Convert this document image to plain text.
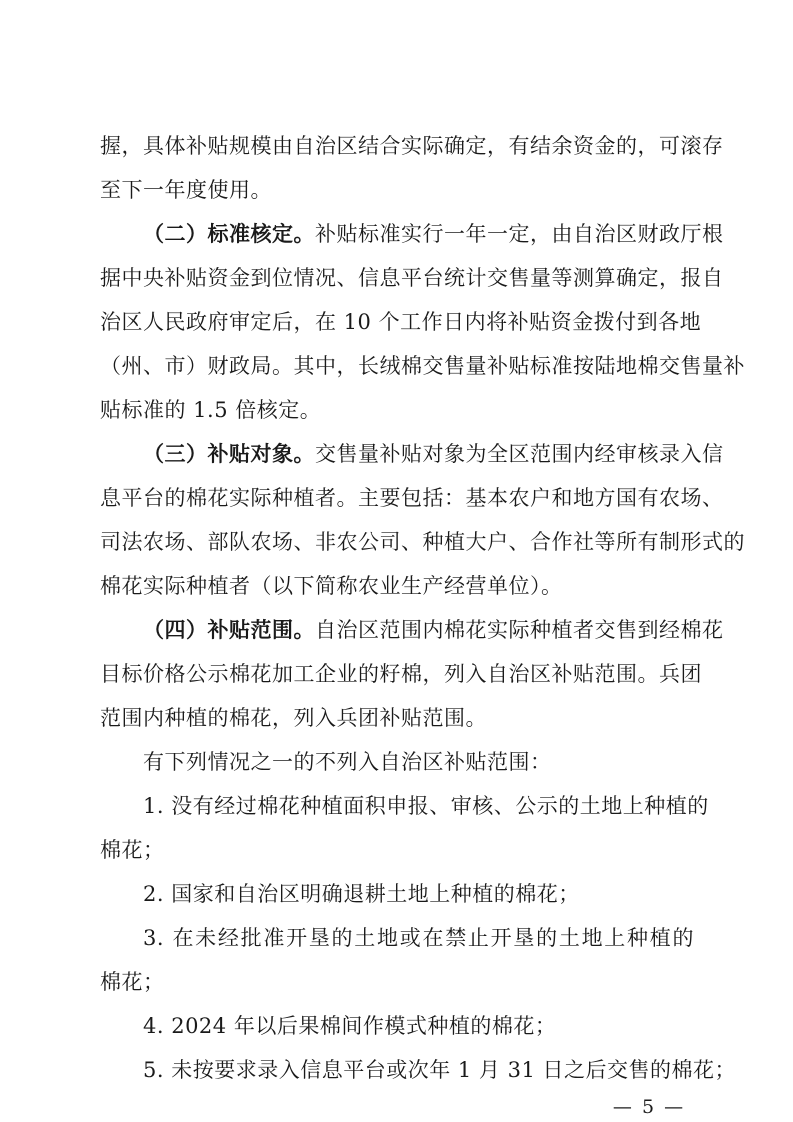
握，具体补贴规模由自治区结合实际确定，有结余资金的，可滚存
至下一年度使用。
（二）标准核定。补贴标准实行一年一定，由自治区财政厅根
据中央补贴资金到位情况、信息平台统计交售量等测算确定，报自
治区人民政府审定后，在 10 个工作日内将补贴资金拨付到各地
（州、市）财政局。其中，长绒棉交售量补贴标准按陆地棉交售量补
贴标准的 1.5 倍核定。
（三）补贴对象。交售量补贴对象为全区范围内经审核录入信
息平台的棉花实际种植者。主要包括：基本农户和地方国有农场、
司法农场、部队农场、非农公司、种植大户、合作社等所有制形式的
棉花实际种植者（以下简称农业生产经营单位）。
（四）补贴范围。自治区范围内棉花实际种植者交售到经棉花
目标价格公示棉花加工企业的籽棉，列入自治区补贴范围。兵团
范围内种植的棉花，列入兵团补贴范围。
有下列情况之一的不列入自治区补贴范围：
1. 没有经过棉花种植面积申报、审核、公示的土地上种植的
棉花；
2. 国家和自治区明确退耕土地上种植的棉花；
3. 在未经批准开垦的土地或在禁止开垦的土地上种植的
棉花；
4. 2024 年以后果棉间作模式种植的棉花；
5. 未按要求录入信息平台或次年 1 月 31 日之后交售的棉花；
— 5 —
